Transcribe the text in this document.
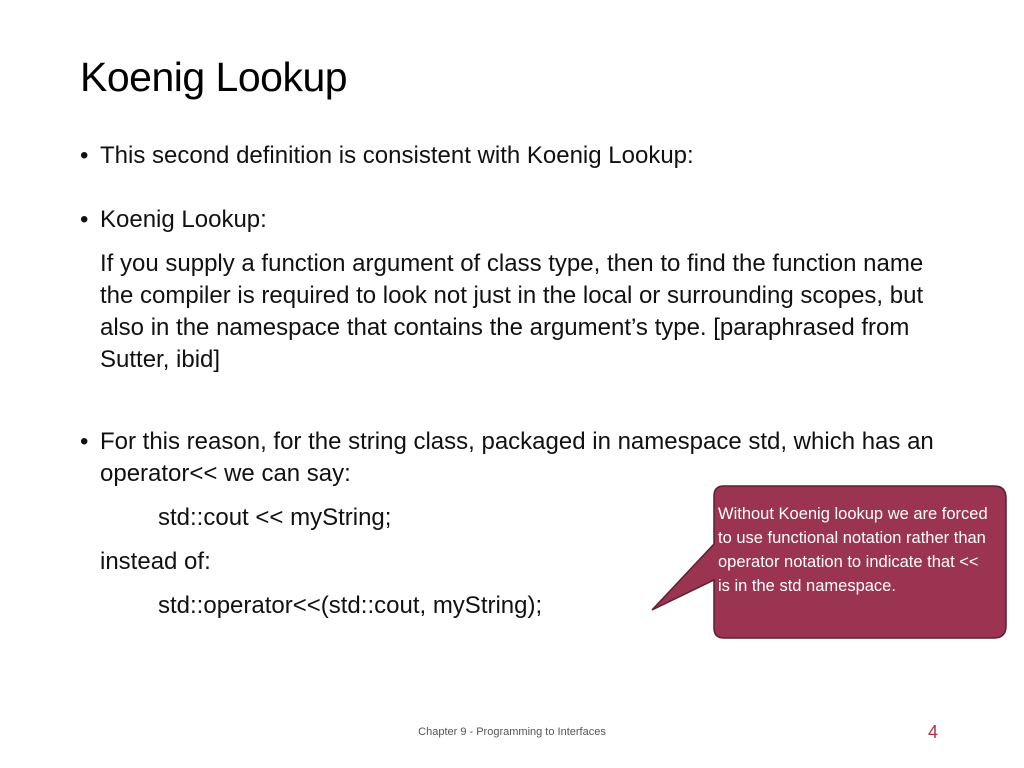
Koenig Lookup
• This second definition is consistent with Koenig Lookup:
• Koenig Lookup:
If you supply a function argument of class type, then to find the function name the compiler is required to look not just in the local or surrounding scopes, but also in the namespace that contains the argument’s type. [paraphrased from Sutter, ibid]
• For this reason, for the string class, packaged in namespace std, which has an operator<< we can say:
std::cout << myString;
instead of:
std::operator<<(std::cout, myString);
Without Koenig lookup we are forced to use functional notation rather than operator notation to indicate that << is in the std namespace.
Chapter 9 - Programming to Interfaces	4
